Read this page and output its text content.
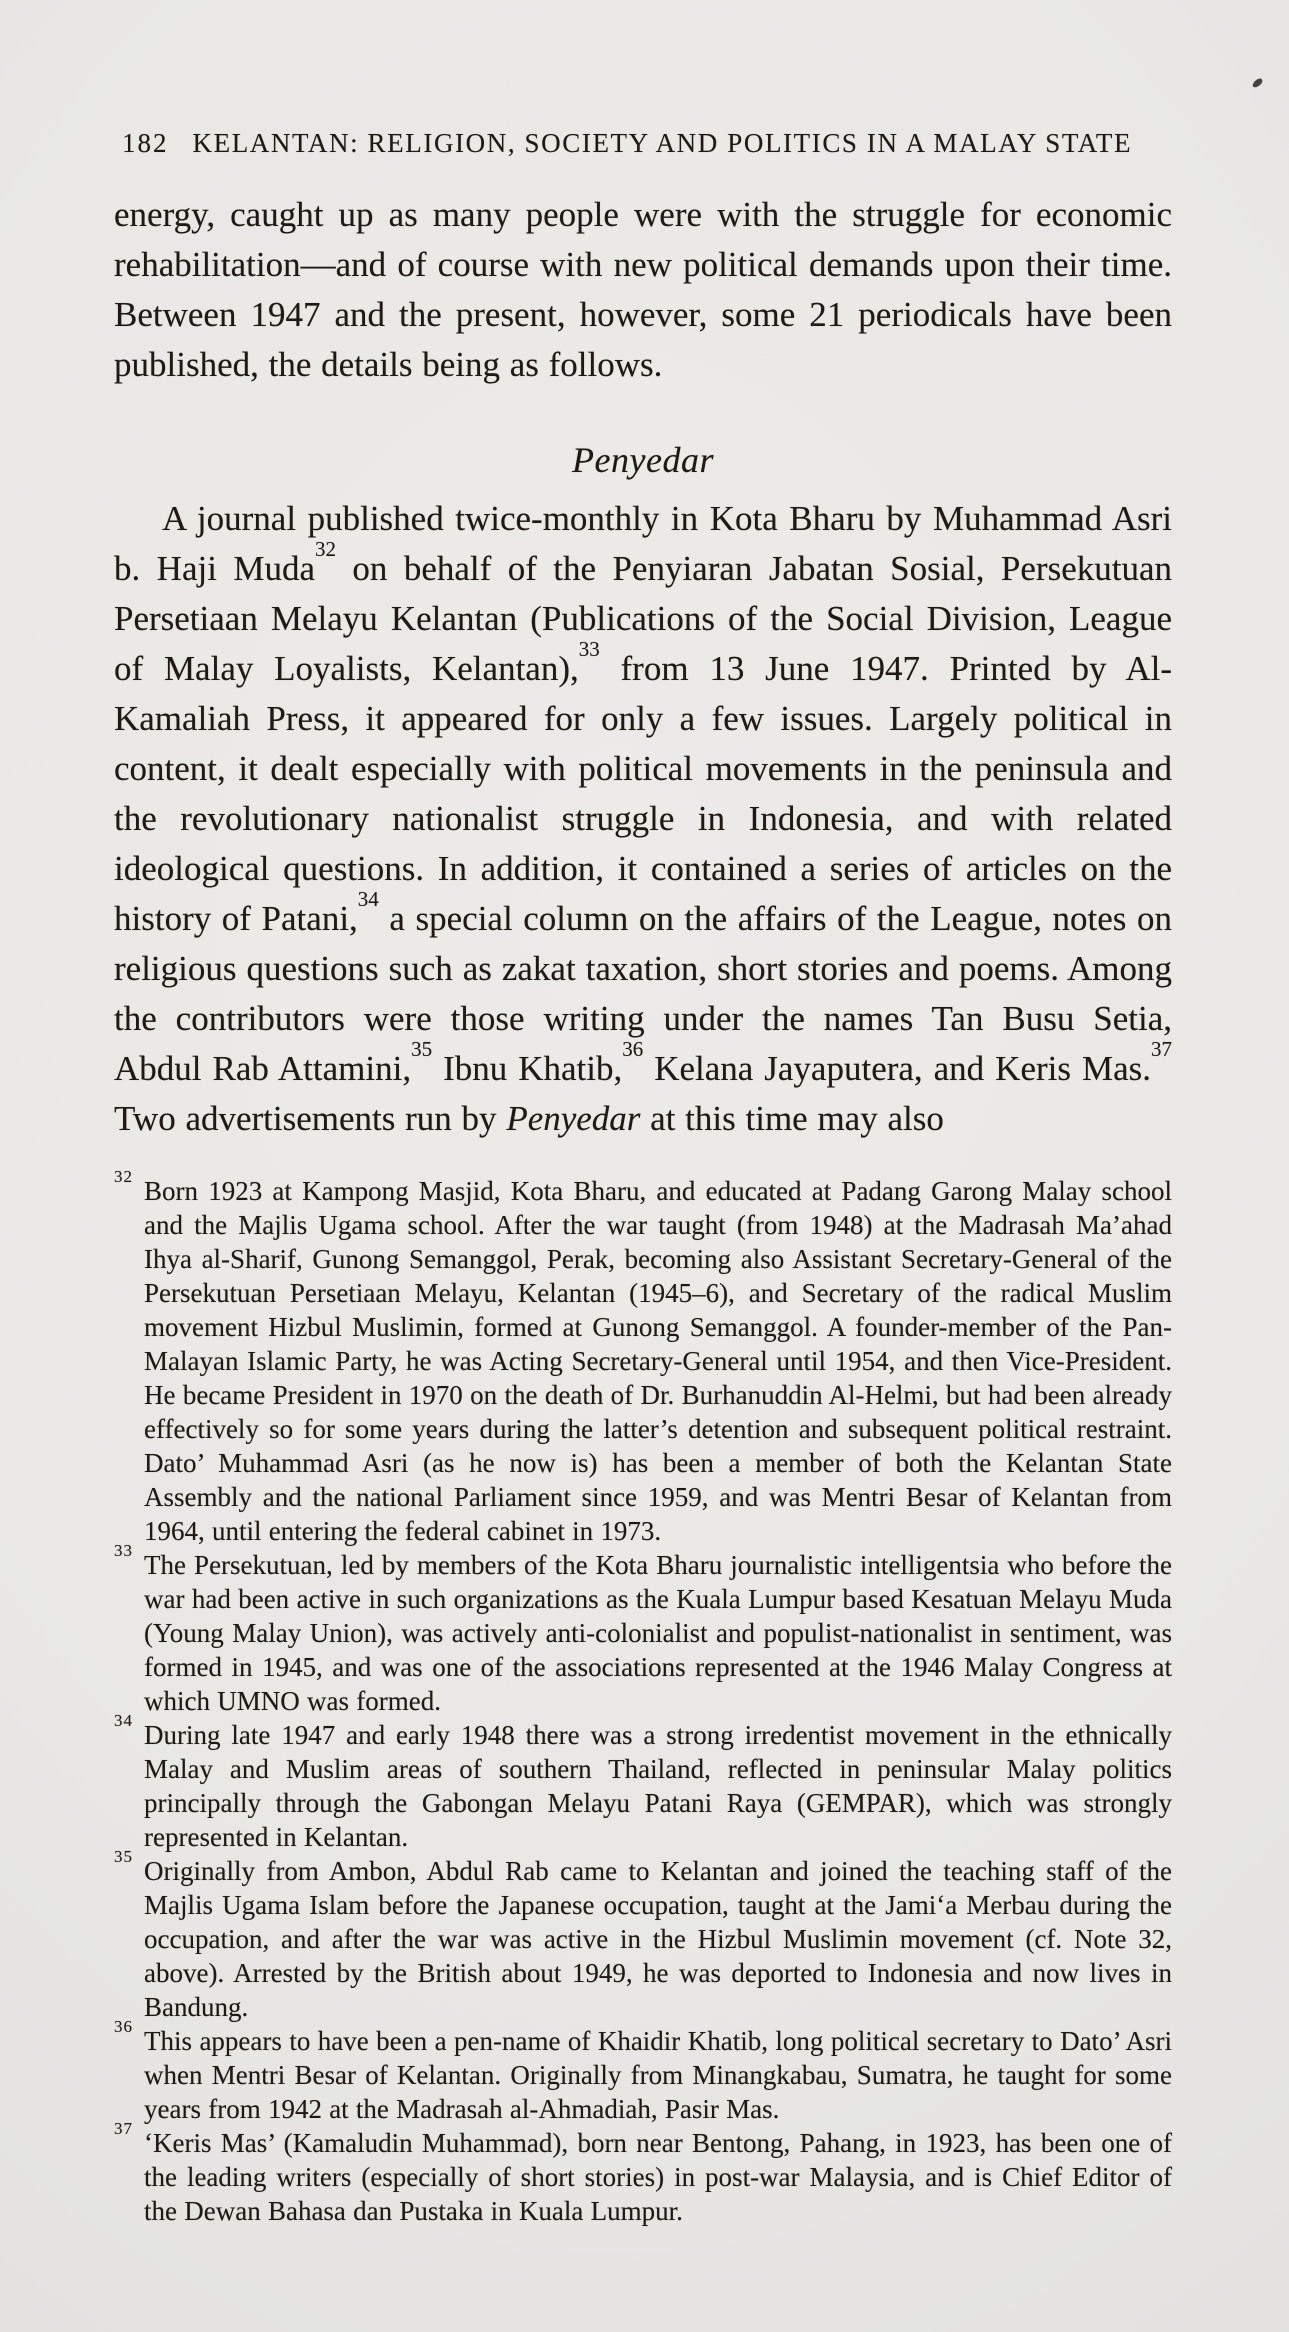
182 KELANTAN: RELIGION, SOCIETY AND POLITICS IN A MALAY STATE

energy, caught up as many people were with the struggle for economic rehabilitation—and of course with new political demands upon their time. Between 1947 and the present, however, some 21 periodicals have been published, the details being as follows.

Penyedar

A journal published twice-monthly in Kota Bharu by Muhammad Asri b. Haji Muda$^{32}$ on behalf of the Penyiaran Jabatan Sosial, Persekutuan Persetiaan Melayu Kelantan (Publications of the Social Division, League of Malay Loyalists, Kelantan),$^{33}$ from 13 June 1947. Printed by Al-Kamaliah Press, it appeared for only a few issues. Largely political in content, it dealt especially with political movements in the peninsula and the revolutionary nationalist struggle in Indonesia, and with related ideological questions. In addition, it contained a series of articles on the history of Patani,$^{34}$ a special column on the affairs of the League, notes on religious questions such as zakat taxation, short stories and poems. Among the contributors were those writing under the names Tan Busu Setia, Abdul Rab Attamini,$^{35}$ Ibnu Khatib,$^{36}$ Kelana Jayaputera, and Keris Mas.$^{37}$ Two advertisements run by Penyedar at this time may also

$^{32}$ Born 1923 at Kampong Masjid, Kota Bharu, and educated at Padang Garong Malay school and the Majlis Ugama school. After the war taught (from 1948) at the Madrasah Ma’ahad Ihya al-Sharif, Gunong Semanggol, Perak, becoming also Assistant Secretary-General of the Persekutuan Persetiaan Melayu, Kelantan (1945–6), and Secretary of the radical Muslim movement Hizbul Muslimin, formed at Gunong Semanggol. A founder-member of the Pan-Malayan Islamic Party, he was Acting Secretary-General until 1954, and then Vice-President. He became President in 1970 on the death of Dr. Burhanuddin Al-Helmi, but had been already effectively so for some years during the latter’s detention and subsequent political restraint. Dato’ Muhammad Asri (as he now is) has been a member of both the Kelantan State Assembly and the national Parliament since 1959, and was Mentri Besar of Kelantan from 1964, until entering the federal cabinet in 1973.

$^{33}$ The Persekutuan, led by members of the Kota Bharu journalistic intelligentsia who before the war had been active in such organizations as the Kuala Lumpur based Kesatuan Melayu Muda (Young Malay Union), was actively anti-colonialist and populist-nationalist in sentiment, was formed in 1945, and was one of the associations represented at the 1946 Malay Congress at which UMNO was formed.

$^{34}$ During late 1947 and early 1948 there was a strong irredentist movement in the ethnically Malay and Muslim areas of southern Thailand, reflected in peninsular Malay politics principally through the Gabongan Melayu Patani Raya (GEMPAR), which was strongly represented in Kelantan.

$^{35}$ Originally from Ambon, Abdul Rab came to Kelantan and joined the teaching staff of the Majlis Ugama Islam before the Japanese occupation, taught at the Jami‘a Merbau during the occupation, and after the war was active in the Hizbul Muslimin movement (cf. Note 32, above). Arrested by the British about 1949, he was deported to Indonesia and now lives in Bandung.

$^{36}$ This appears to have been a pen-name of Khaidir Khatib, long political secretary to Dato’ Asri when Mentri Besar of Kelantan. Originally from Minangkabau, Sumatra, he taught for some years from 1942 at the Madrasah al-Ahmadiah, Pasir Mas.

$^{37}$ ‘Keris Mas’ (Kamaludin Muhammad), born near Bentong, Pahang, in 1923, has been one of the leading writers (especially of short stories) in post-war Malaysia, and is Chief Editor of the Dewan Bahasa dan Pustaka in Kuala Lumpur.
